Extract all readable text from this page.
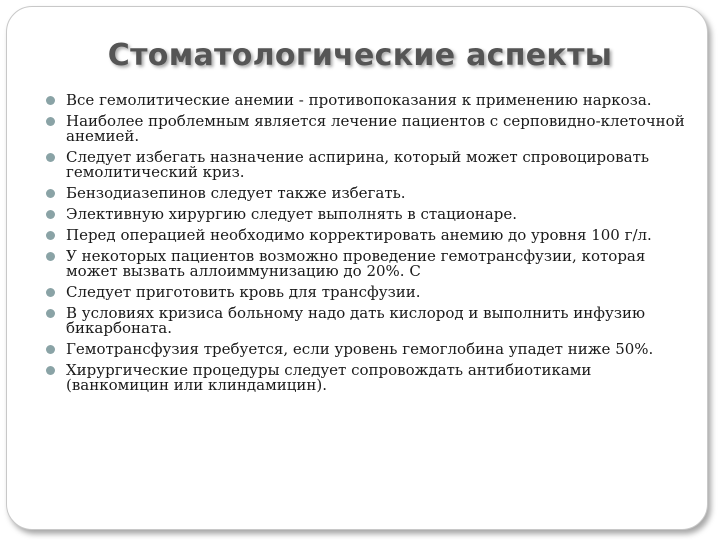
Стоматологические аспекты
Все гемолитические анемии - противопоказания к применению наркоза.
Наиболее проблемным является лечение пациентов с серповидно-клеточной анемией.
Следует избегать назначение аспирина, который может спровоцировать гемолитический криз.
Бензодиазепинов следует также избегать.
Элективную хирургию следует выполнять в стационаре.
Перед операцией необходимо корректировать анемию до уровня 100 г/л.
У некоторых пациентов возможно проведение гемотрансфузии, которая может вызвать аллоиммунизацию до 20%. С
Следует приготовить кровь для трансфузии.
В условиях кризиса больному надо дать кислород и выполнить инфузию бикарбоната.
Гемотрансфузия требуется, если уровень гемоглобина упадет ниже 50%.
Хирургические процедуры следует сопровождать антибиотиками (ванкомицин или клиндамицин).
